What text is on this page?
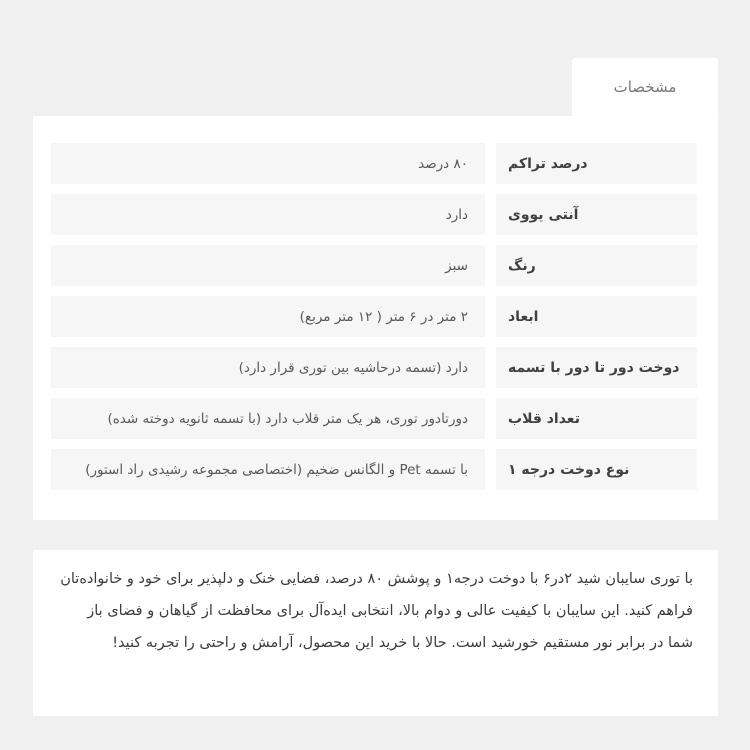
مشخصات
درصد تراکم
۸۰ درصد
آنتی یووی
دارد
رنگ
سبز
ابعاد
۲ متر در ۶ متر ( ۱۲ متر مربع)
دوخت دور تا دور با تسمه
دارد (تسمه درحاشیه بین توری قرار دارد)
تعداد قلاب
دورتادور توری، هر یک متر قلاب دارد (با تسمه ثانویه دوخته شده)
نوع دوخت درجه ۱
با تسمه Pet و الگانس ضخیم (اختصاصی مجموعه رشیدی راد استور)

با توری سایبان شید ۲در۶ با دوخت درجه۱ و پوشش ۸۰ درصد، فضایی خنک و دلپذیر برای خود و خانواده‌تان فراهم کنید. این سایبان با کیفیت عالی و دوام بالا، انتخابی ایده‌آل برای محافظت از گیاهان و فضای باز شما در برابر نور مستقیم خورشید است. حالا با خرید این محصول، آرامش و راحتی را تجربه کنید!
